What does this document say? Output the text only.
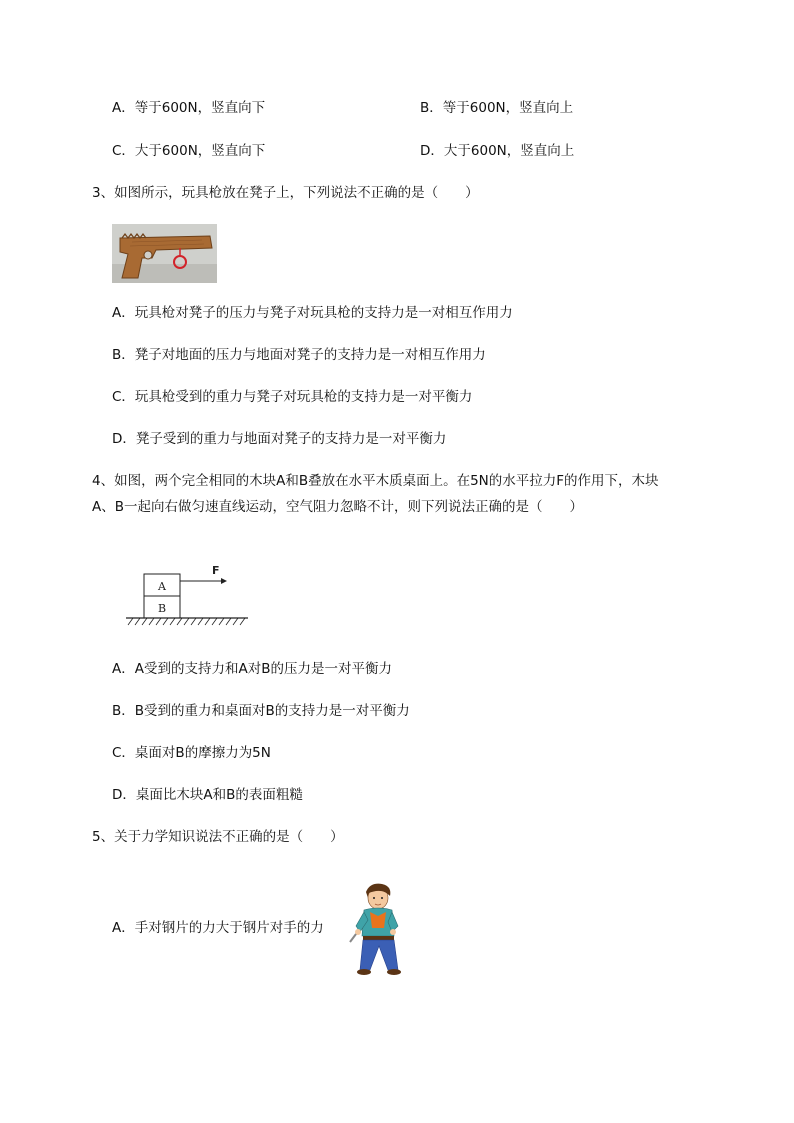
A．等于600N，竖直向下	B．等于600N，竖直向上
C．大于600N，竖直向下	D．大于600N，竖直向上
3、如图所示，玩具枪放在凳子上，下列说法不正确的是（　　）
A．玩具枪对凳子的压力与凳子对玩具枪的支持力是一对相互作用力
B．凳子对地面的压力与地面对凳子的支持力是一对相互作用力
C．玩具枪受到的重力与凳子对玩具枪的支持力是一对平衡力
D．凳子受到的重力与地面对凳子的支持力是一对平衡力
4、如图，两个完全相同的木块A和B叠放在水平木质桌面上。在5N的水平拉力F的作用下，木块
A、B一起向右做匀速直线运动，空气阻力忽略不计，则下列说法正确的是（　　）
A
B
F
A．A受到的支持力和A对B的压力是一对平衡力
B．B受到的重力和桌面对B的支持力是一对平衡力
C．桌面对B的摩擦力为5N
D．桌面比木块A和B的表面粗糙
5、关于力学知识说法不正确的是（　　）
A．手对钢片的力大于钢片对手的力
